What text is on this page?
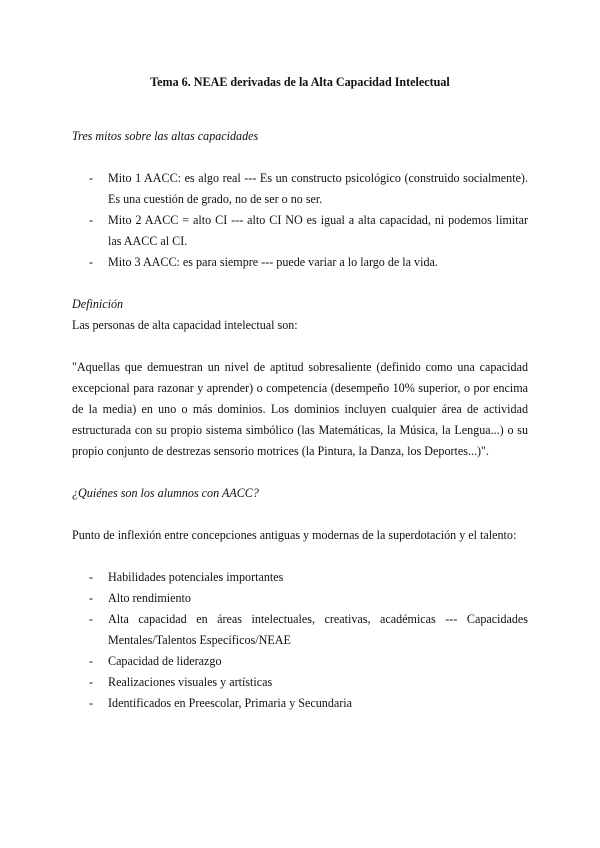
Tema 6. NEAE derivadas de la Alta Capacidad Intelectual

Tres mitos sobre las altas capacidades

- Mito 1 AACC: es algo real --- Es un constructo psicológico (construido socialmente). Es una cuestión de grado, no de ser o no ser.
- Mito 2 AACC = alto CI --- alto CI NO es igual a alta capacidad, ni podemos limitar las AACC al CI.
- Mito 3 AACC: es para siempre --- puede variar a lo largo de la vida.

Definición

Las personas de alta capacidad intelectual son:

"Aquellas que demuestran un nivel de aptitud sobresaliente (definido como una capacidad excepcional para razonar y aprender) o competencia (desempeño 10% superior, o por encima de la media) en uno o más dominios. Los dominios incluyen cualquier área de actividad estructurada con su propio sistema simbólico (las Matemáticas, la Música, la Lengua...) o su propio conjunto de destrezas sensorio motrices (la Pintura, la Danza, los Deportes...)".

¿Quiénes son los alumnos con AACC?

Punto de inflexión entre concepciones antiguas y modernas de la superdotación y el talento:

- Habilidades potenciales importantes
- Alto rendimiento
- Alta capacidad en áreas intelectuales, creativas, académicas --- Capacidades Mentales/Talentos Específicos/NEAE
- Capacidad de liderazgo
- Realizaciones visuales y artísticas
- Identificados en Preescolar, Primaria y Secundaria
